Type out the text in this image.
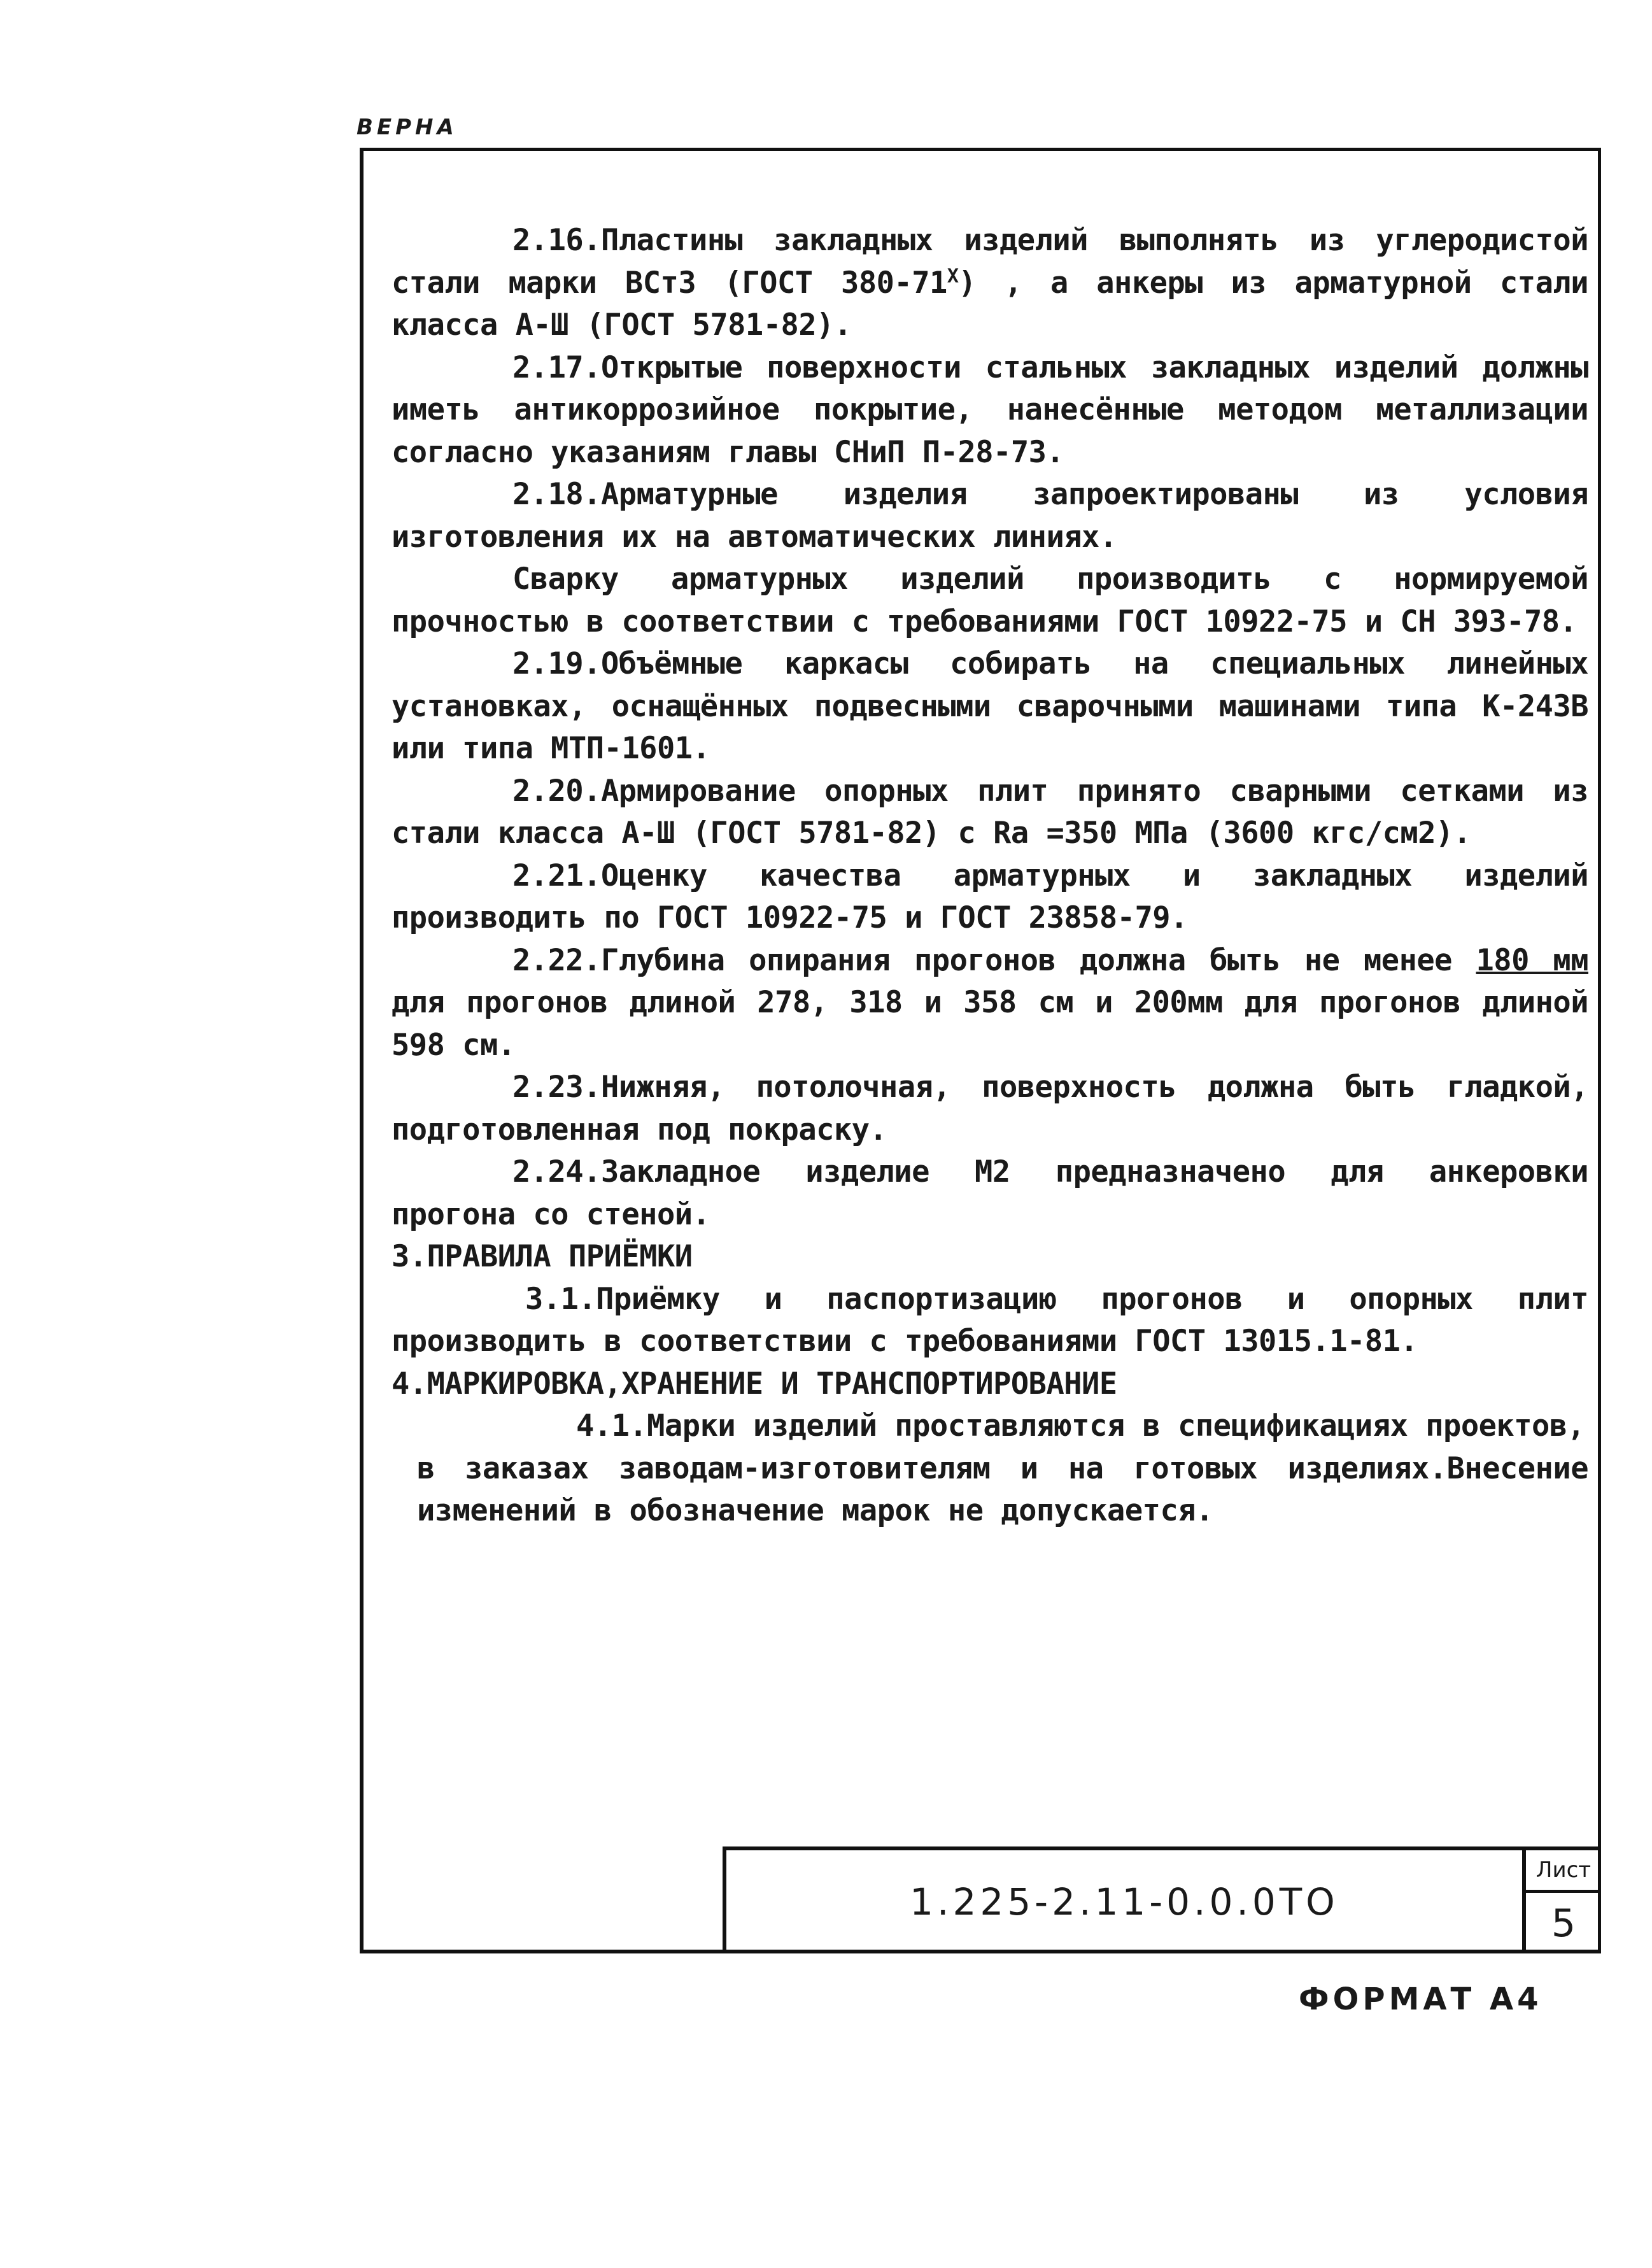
ВЕРНА

2.16.Пластины закладных изделий выполнять из углеродистой стали марки ВСт3 (ГОСТ $380-71^Х$) , а анкеры из арматурной стали класса А-Ш (ГОСТ 5781-82).

2.17.Открытые поверхности стальных закладных изделий должны иметь антикоррозийное покрытие, нанесённые методом металлизации согласно указаниям главы СНиП П-28-73.

2.18.Арматурные изделия запроектированы из условия изготовления их на автоматических линиях.

Сварку арматурных изделий производить с нормируемой прочностью в соответствии с требованиями ГОСТ 10922-75 и СН 393-78.

2.19.Объёмные каркасы собирать на специальных линейных установках, оснащённых подвесными сварочными машинами типа К-243В или типа МТП-1601.

2.20.Армирование опорных плит принято сварными сетками из стали класса А-Ш (ГОСТ 5781-82) с Ra =350 МПа (3600 кгс/см2).

2.21.Оценку качества арматурных и закладных изделий производить по ГОСТ 10922-75 и ГОСТ 23858-79.

2.22.Глубина опирания прогонов должна быть не менее 180 мм для прогонов длиной 278, 318 и 358 см и 200мм для прогонов длиной 598 см.

2.23.Нижняя, потолочная, поверхность должна быть гладкой, подготовленная под покраску.

2.24.Закладное изделие М2 предназначено для анкеровки прогона со стеной.

3.ПРАВИЛА ПРИЁМКИ

3.1.Приёмку и паспортизацию прогонов и опорных плит производить в соответствии с требованиями ГОСТ 13015.1-81.

4.МАРКИРОВКА,ХРАНЕНИЕ И ТРАНСПОРТИРОВАНИЕ

4.1.Марки изделий проставляются в спецификациях проектов,

в заказах заводам-изготовителям и на готовых изделиях.Внесение изменений в обозначение марок не допускается.

1.225-2.11-0.0.0ТО
Лист
5
ФОРМАТ А4
